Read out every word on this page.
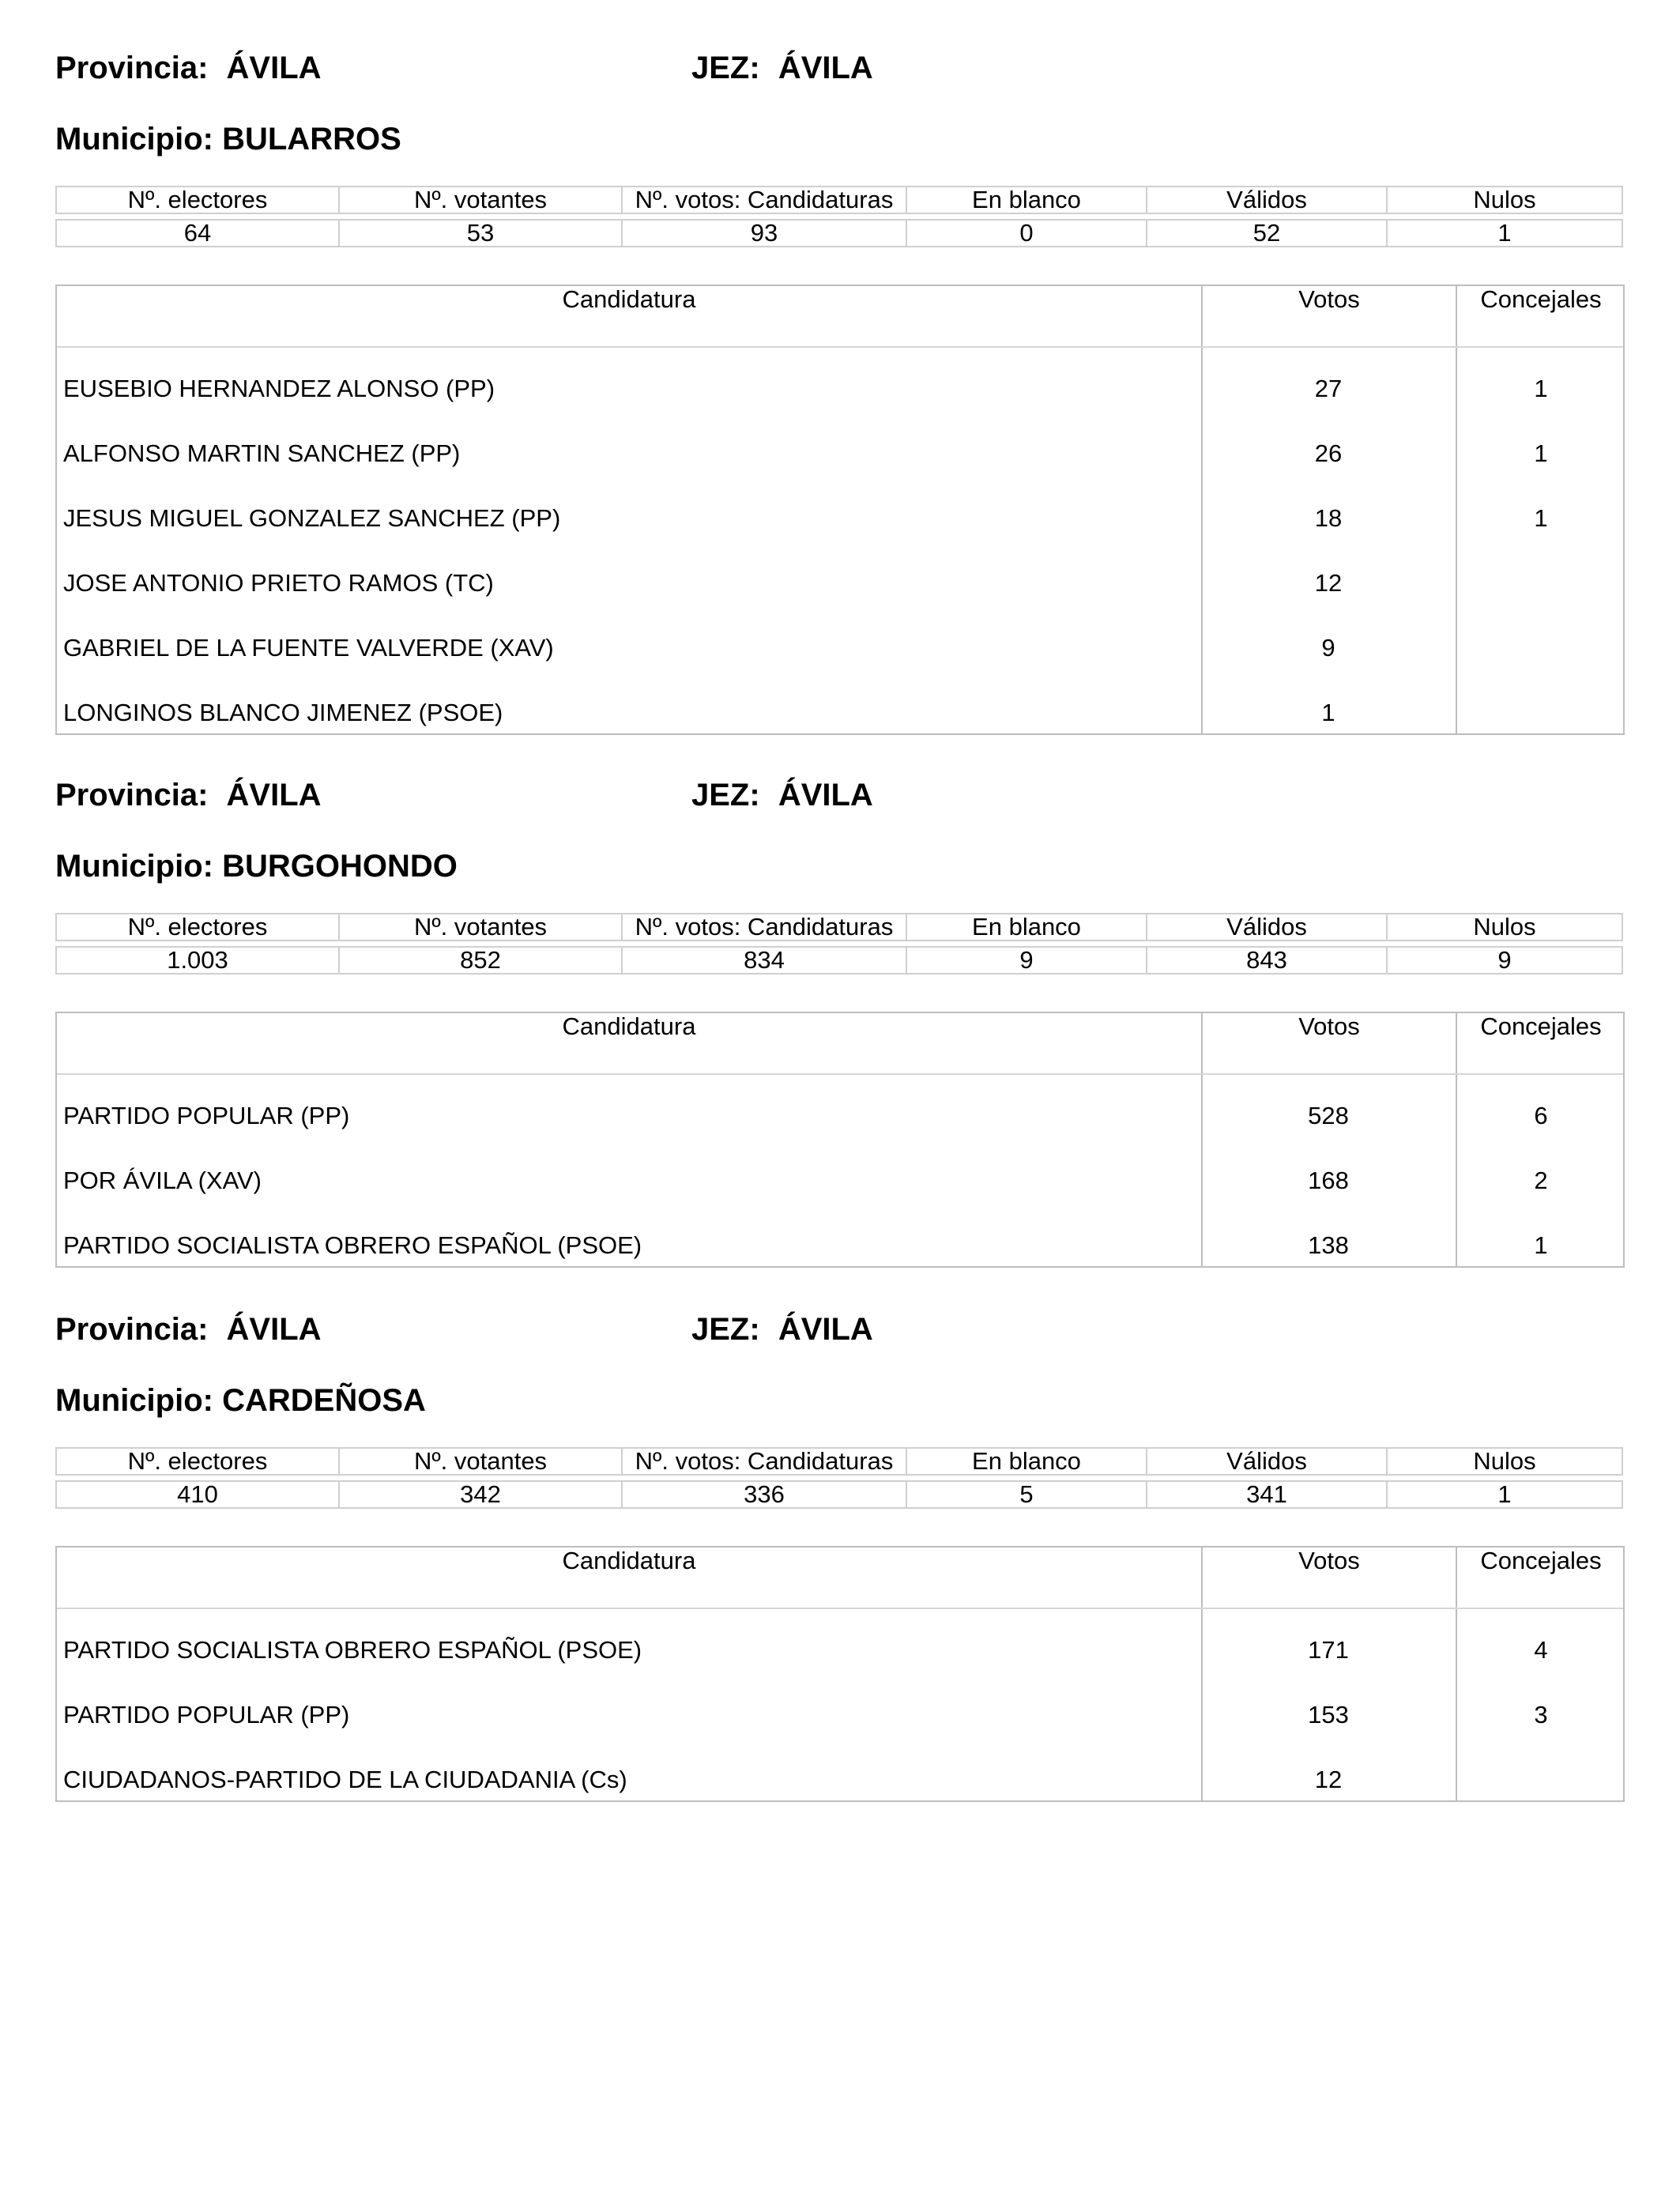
Provincia: ÁVILA	JEZ: ÁVILA
Municipio: BULARROS
Nº. electores	Nº. votantes	Nº. votos: Candidaturas	En blanco	Válidos	Nulos
64	53	93	0	52	1
Candidatura	Votos	Concejales
EUSEBIO HERNANDEZ ALONSO (PP)	27	1
ALFONSO MARTIN SANCHEZ (PP)	26	1
JESUS MIGUEL GONZALEZ SANCHEZ (PP)	18	1
JOSE ANTONIO PRIETO RAMOS (TC)	12
GABRIEL DE LA FUENTE VALVERDE (XAV)	9
LONGINOS BLANCO JIMENEZ (PSOE)	1
Provincia: ÁVILA	JEZ: ÁVILA
Municipio: BURGOHONDO
Nº. electores	Nº. votantes	Nº. votos: Candidaturas	En blanco	Válidos	Nulos
1.003	852	834	9	843	9
Candidatura	Votos	Concejales
PARTIDO POPULAR (PP)	528	6
POR ÁVILA (XAV)	168	2
PARTIDO SOCIALISTA OBRERO ESPAÑOL (PSOE)	138	1
Provincia: ÁVILA	JEZ: ÁVILA
Municipio: CARDEÑOSA
Nº. electores	Nº. votantes	Nº. votos: Candidaturas	En blanco	Válidos	Nulos
410	342	336	5	341	1
Candidatura	Votos	Concejales
PARTIDO SOCIALISTA OBRERO ESPAÑOL (PSOE)	171	4
PARTIDO POPULAR (PP)	153	3
CIUDADANOS-PARTIDO DE LA CIUDADANIA (Cs)	12
